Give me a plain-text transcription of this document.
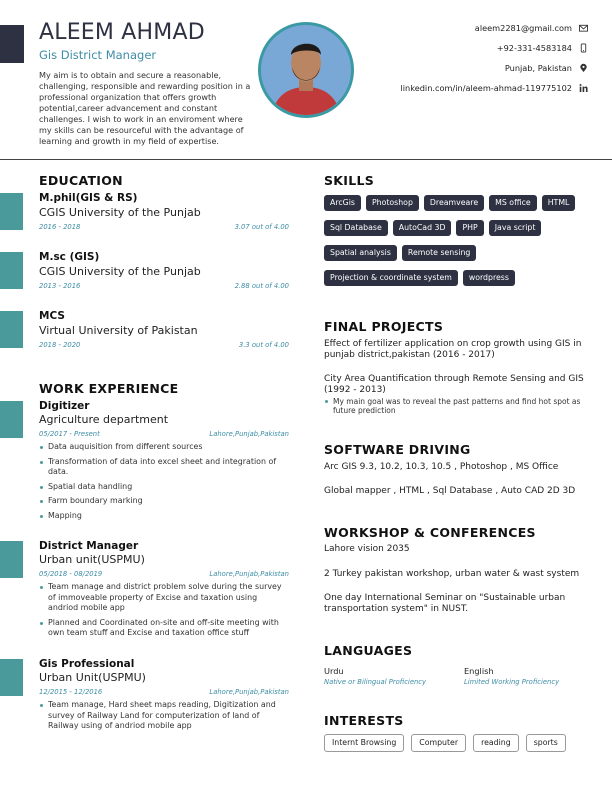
ALEEM AHMAD
Gis District Manager
My aim is to obtain and secure a reasonable, challenging, responsible and rewarding position in a professional organization that offers growth potential,career advancement and constant challenges. I wish to work in an enviroment where my skills can be resourceful with the advantage of learning and growth in my field of expertise.
aleem2281@gmail.com
+92-331-4583184
Punjab, Pakistan
linkedin.com/in/aleem-ahmad-119775102
EDUCATION
M.phil(GIS & RS)
CGIS University of the Punjab
2016 - 2018	3.07 out of 4.00
M.sc (GIS)
CGIS University of the Punjab
2013 - 2016	2.88 out of 4.00
MCS
Virtual University of Pakistan
2018 - 2020	3.3 out of 4.00
WORK EXPERIENCE
Digitizer
Agriculture department
05/2017 - Present	Lahore,Punjab,Pakistan
Data auquisition from different sources
Transformation of data into excel sheet and integration of data.
Spatial data handling
Farm boundary marking
Mapping
District Manager
Urban unit(USPMU)
05/2018 - 08/2019	Lahore,Punjab,Pakistan
Team manage and district problem solve during the survey of immoveable property of Excise and taxation using andriod mobile app
Planned and Coordinated on-site and off-site meeting with own team stuff and Excise and taxation office stuff
Gis Professional
Urban Unit(USPMU)
12/2015 - 12/2016	Lahore,Punjab,Pakistan
Team manage, Hard sheet maps reading, Digitization and survey of Railway Land for computerization of land of Railway using of andriod mobile app
SKILLS
ArcGis	Photoshop	Dreamveare	MS office	HTML
Sql Database	AutoCad 3D	PHP	Java script
Spatial analysis	Remote sensing
Projection & coordinate system	wordpress
FINAL PROJECTS
Effect of fertilizer application on crop growth using GIS in punjab district,pakistan (2016 - 2017)
City Area Quantification through Remote Sensing and GIS (1992 - 2013)
My main goal was to reveal the past patterns and find hot spot as future prediction
SOFTWARE DRIVING
Arc GIS 9.3, 10.2, 10.3, 10.5 , Photoshop , MS Office
Global mapper , HTML , Sql Database , Auto CAD 2D 3D
WORKSHOP & CONFERENCES
Lahore vision 2035
2 Turkey pakistan workshop, urban water & wast system
One day International Seminar on "Sustainable urban transportation system" in NUST.
LANGUAGES
Urdu
Native or Bilingual Proficiency
English
Limited Working Proficiency
INTERESTS
Internt Browsing	Computer	reading	sports
